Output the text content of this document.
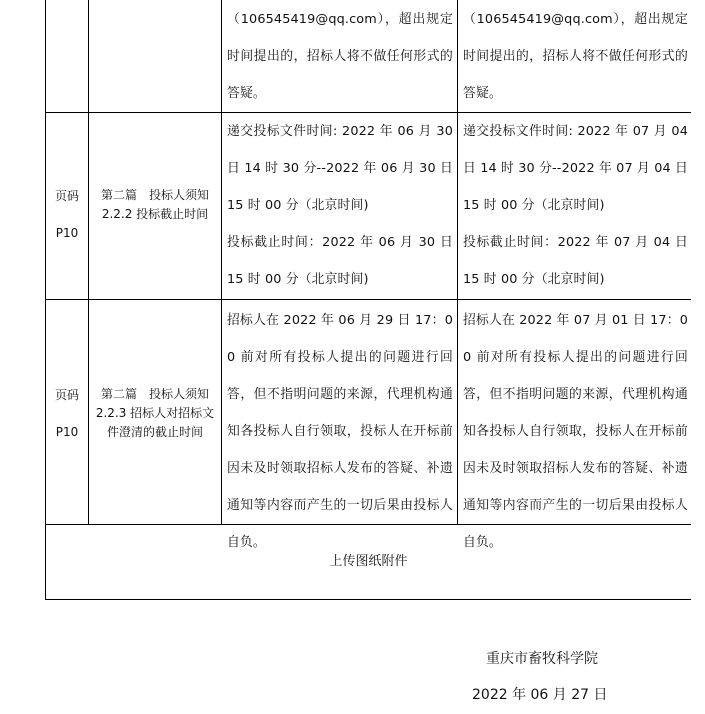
（106545419@qq.com），超出规定时间提出的，招标人将不做任何形式的答疑。
（106545419@qq.com），超出规定时间提出的，招标人将不做任何形式的答疑。
页码
P10
第二篇　投标人须知
2.2.2 投标截止时间
递交投标文件时间: 2022 年 06 月 30 日 14 时 30 分--2022 年 06 月 30 日 15 时 00 分（北京时间)
投标截止时间：2022 年 06 月 30 日 15 时 00 分（北京时间)
递交投标文件时间: 2022 年 07 月 04 日 14 时 30 分--2022 年 07 月 04 日 15 时 00 分（北京时间)
投标截止时间：2022 年 07 月 04 日 15 时 00 分（北京时间)
页码
P10
第二篇　投标人须知
2.2.3 招标人对招标文件澄清的截止时间
招标人在 2022 年 06 月 29 日 17：00 前对所有投标人提出的问题进行回答，但不指明问题的来源，代理机构通知各投标人自行领取，投标人在开标前因未及时领取招标人发布的答疑、补遗通知等内容而产生的一切后果由投标人自负。
招标人在 2022 年 07 月 01 日 17：00 前对所有投标人提出的问题进行回答，但不指明问题的来源，代理机构通知各投标人自行领取，投标人在开标前因未及时领取招标人发布的答疑、补遗通知等内容而产生的一切后果由投标人自负。
上传图纸附件
重庆市畜牧科学院
2022 年 06 月 27 日
